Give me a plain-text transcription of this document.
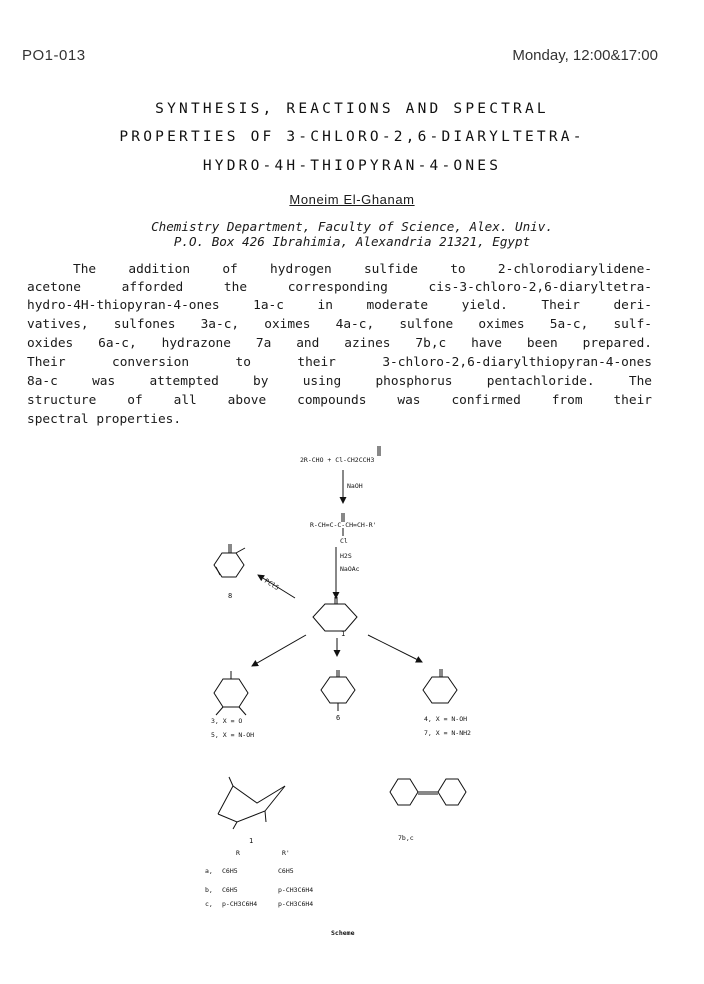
PO1-013	Monday, 12:00&17:00
SYNTHESIS, REACTIONS AND SPECTRAL
PROPERTIES OF 3-CHLORO-2,6-DIARYLTETRA-
HYDRO-4H-THIOPYRAN-4-ONES
Moneim El-Ghanam
Chemistry Department, Faculty of Science, Alex. Univ.
P.O. Box 426 Ibrahimia, Alexandria 21321, Egypt
The addition of hydrogen sulfide to 2-chlorodiarylidene-
acetone afforded the corresponding cis-3-chloro-2,6-diaryltetra-
hydro-4H-thiopyran-4-ones 1a-c in moderate yield. Their deri-
vatives, sulfones 3a-c, oximes 4a-c, sulfone oximes 5a-c, sulf-
oxides 6a-c, hydrazone 7a and azines 7b,c have been prepared.
Their conversion to their 3-chloro-2,6-diarylthiopyran-4-ones
8a-c was attempted by using phosphorus pentachloride. The
structure of all above compounds was confirmed from their
spectral properties.
2R-CHO + Cl-CH2CCH3
NaOH
R-CH=C-C-CH=CH-R'
Cl
H2S
NaOAc
PCl5
8
1
6
3, X = O
5, X = N-OH
4, X = N-OH
7, X = N-NH2
1	7b,c
R	R'
a, C6H5	C6H5
b, C6H5	p-CH3C6H4
c, p-CH3C6H4	p-CH3C6H4
Scheme
